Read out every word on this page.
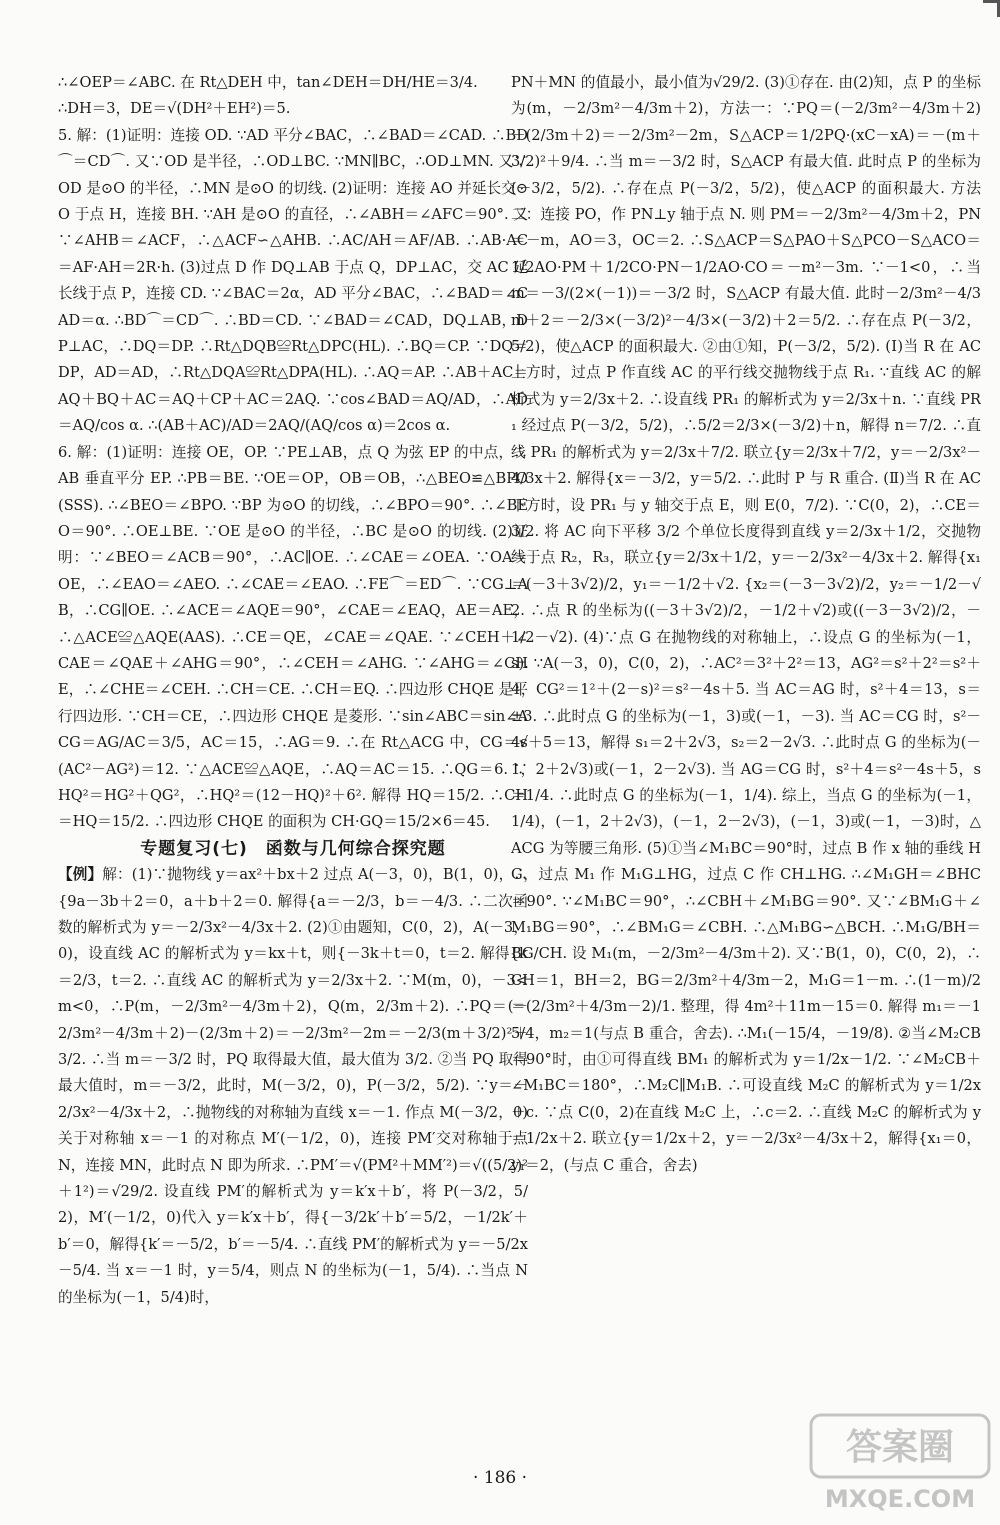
∴∠OEP＝∠ABC. 在 Rt△DEH 中，tan∠DEH＝DH/HE＝3/4.

∴DH＝3，DE＝√(DH²＋EH²)＝5.

5. 解：(1)证明：连接 OD. ∵AD 平分∠BAC，∴∠BAD＝∠CAD. ∴BD⌒＝CD⌒. 又∵OD 是半径，∴OD⊥BC. ∵MN∥BC，∴OD⊥MN. 又∵OD 是⊙O 的半径，∴MN 是⊙O 的切线. (2)证明：连接 AO 并延长交⊙O 于点 H，连接 BH. ∵AH 是⊙O 的直径，∴∠ABH＝∠AFC＝90°. 又∵∠AHB＝∠ACF，∴△ACF∽△AHB. ∴AC/AH＝AF/AB. ∴AB·AC＝AF·AH＝2R·h. (3)过点 D 作 DQ⊥AB 于点 Q，DP⊥AC，交 AC 延长线于点 P，连接 CD. ∵∠BAC＝2α，AD 平分∠BAC，∴∠BAD＝∠CAD＝α. ∴BD⌒＝CD⌒. ∴BD＝CD. ∵∠BAD＝∠CAD，DQ⊥AB，DP⊥AC，∴DQ＝DP. ∴Rt△DQB≌Rt△DPC(HL). ∴BQ＝CP. ∵DQ＝DP，AD＝AD，∴Rt△DQA≌Rt△DPA(HL). ∴AQ＝AP. ∴AB＋AC＝AQ＋BQ＋AC＝AQ＋CP＋AC＝2AQ. ∵cos∠BAD＝AQ/AD，∴AD＝AQ/cos α. ∴(AB＋AC)/AD＝2AQ/(AQ/cos α)＝2cos α.

6. 解：(1)证明：连接 OE，OP. ∵PE⊥AB，点 Q 为弦 EP 的中点，∴AB 垂直平分 EP. ∴PB＝BE. ∵OE＝OP，OB＝OB，∴△BEO≌△BPO(SSS). ∴∠BEO＝∠BPO. ∵BP 为⊙O 的切线，∴∠BPO＝90°. ∴∠BEO＝90°. ∴OE⊥BE. ∵OE 是⊙O 的半径，∴BC 是⊙O 的切线. (2)证明：∵∠BEO＝∠ACB＝90°，∴AC∥OE. ∴∠CAE＝∠OEA. ∵OA＝OE，∴∠EAO＝∠AEO. ∴∠CAE＝∠EAO. ∴FE⌒＝ED⌒. ∵CG⊥AB，∴CG∥OE. ∴∠ACE＝∠AQE＝90°，∠CAE＝∠EAQ，AE＝AE，∴△ACE≌△AQE(AAS). ∴CE＝QE，∠CAE＝∠QAE. ∵∠CEH＋∠CAE＝∠QAE＋∠AHG＝90°，∴∠CEH＝∠AHG. ∵∠AHG＝∠CHE，∴∠CHE＝∠CEH. ∴CH＝CE. ∴CH＝EQ. ∴四边形 CHQE 是平行四边形. ∵CH＝CE，∴四边形 CHQE 是菱形. ∵sin∠ABC＝sin∠ACG＝AG/AC＝3/5，AC＝15，∴AG＝9. ∴在 Rt△ACG 中，CG＝√(AC²－AG²)＝12. ∵△ACE≌△AQE，∴AQ＝AC＝15. ∴QG＝6. ∵HQ²＝HG²＋QG²，∴HQ²＝(12－HQ)²＋6². 解得 HQ＝15/2. ∴CH＝HQ＝15/2. ∴四边形 CHQE 的面积为 CH·GQ＝15/2×6＝45.

专题复习(七)　函数与几何综合探究题

【例】解：(1)∵抛物线 y＝ax²＋bx＋2 过点 A(－3，0)，B(1，0)，∴{9a－3b＋2＝0，a＋b＋2＝0. 解得{a＝－2/3，b＝－4/3. ∴二次函数的解析式为 y＝－2/3x²－4/3x＋2. (2)①由题知，C(0，2)，A(－3，0)，设直线 AC 的解析式为 y＝kx＋t，则{－3k＋t＝0，t＝2. 解得{k＝2/3，t＝2. ∴直线 AC 的解析式为 y＝2/3x＋2. ∵M(m，0)，－3<m<0，∴P(m，－2/3m²－4/3m＋2)，Q(m，2/3m＋2). ∴PQ＝(－2/3m²－4/3m＋2)－(2/3m＋2)＝－2/3m²－2m＝－2/3(m＋3/2)²＋3/2. ∴当 m＝－3/2 时，PQ 取得最大值，最大值为 3/2. ②当 PQ 取得最大值时，m＝－3/2，此时，M(－3/2，0)，P(－3/2，5/2). ∵y＝－2/3x²－4/3x＋2，∴抛物线的对称轴为直线 x＝－1. 作点 M(－3/2，0)关于对称轴 x＝－1 的对称点 M′(－1/2，0)，连接 PM′交对称轴于点 N，连接 MN，此时点 N 即为所求. ∴PM′＝√(PM²＋MM′²)＝√((5/2)²＋1²)＝√29/2. 设直线 PM′的解析式为 y＝k′x＋b′，将 P(－3/2，5/2)，M′(－1/2，0)代入 y＝k′x＋b′，得{－3/2k′＋b′＝5/2，－1/2k′＋b′＝0，解得{k′＝－5/2，b′＝－5/4. ∴直线 PM′的解析式为 y＝－5/2x－5/4. 当 x＝－1 时，y＝5/4，则点 N 的坐标为(－1，5/4). ∴当点 N 的坐标为(－1，5/4)时，

PN＋MN 的值最小，最小值为√29/2. (3)①存在. 由(2)知，点 P 的坐标为(m，－2/3m²－4/3m＋2)，方法一：∵PQ＝(－2/3m²－4/3m＋2)－(2/3m＋2)＝－2/3m²－2m，S△ACP＝1/2PQ·(xC－xA)＝－(m＋3/2)²＋9/4. ∴当 m＝－3/2 时，S△ACP 有最大值. 此时点 P 的坐标为(－3/2，5/2). ∴存在点 P(－3/2，5/2)，使△ACP 的面积最大. 方法二：连接 PO，作 PN⊥y 轴于点 N. 则 PM＝－2/3m²－4/3m＋2，PN＝－m，AO＝3，OC＝2. ∴S△ACP＝S△PAO＋S△PCO－S△ACO＝1/2AO·PM＋1/2CO·PN－1/2AO·CO＝－m²－3m. ∵－1<0，∴当 m＝－3/(2×(－1))＝－3/2 时，S△ACP 有最大值. 此时－2/3m²－4/3m＋2＝－2/3×(－3/2)²－4/3×(－3/2)＋2＝5/2. ∴存在点 P(－3/2，5/2)，使△ACP 的面积最大. ②由①知，P(－3/2，5/2). (Ⅰ)当 R 在 AC 上方时，过点 P 作直线 AC 的平行线交抛物线于点 R₁. ∵直线 AC 的解析式为 y＝2/3x＋2. ∴设直线 PR₁ 的解析式为 y＝2/3x＋n. ∵直线 PR₁ 经过点 P(－3/2，5/2)，∴5/2＝2/3×(－3/2)＋n，解得 n＝7/2. ∴直线 PR₁ 的解析式为 y＝2/3x＋7/2. 联立{y＝2/3x＋7/2，y＝－2/3x²－4/3x＋2. 解得{x＝－3/2，y＝5/2. ∴此时 P 与 R 重合. (Ⅱ)当 R 在 AC 下方时，设 PR₁ 与 y 轴交于点 E，则 E(0，7/2). ∵C(0，2)，∴CE＝3/2. 将 AC 向下平移 3/2 个单位长度得到直线 y＝2/3x＋1/2，交抛物线于点 R₂，R₃，联立{y＝2/3x＋1/2，y＝－2/3x²－4/3x＋2. 解得{x₁＝(－3＋3√2)/2，y₁＝－1/2＋√2. {x₂＝(－3－3√2)/2，y₂＝－1/2－√2. ∴点 R 的坐标为((－3＋3√2)/2，－1/2＋√2)或((－3－3√2)/2，－1/2－√2). (4)∵点 G 在抛物线的对称轴上，∴设点 G 的坐标为(－1，s). ∵A(－3，0)，C(0，2)，∴AC²＝3²＋2²＝13，AG²＝s²＋2²＝s²＋4，CG²＝1²＋(2－s)²＝s²－4s＋5. 当 AC＝AG 时，s²＋4＝13，s＝±3. ∴此时点 G 的坐标为(－1，3)或(－1，－3). 当 AC＝CG 时，s²－4s＋5＝13，解得 s₁＝2＋2√3，s₂＝2－2√3. ∴此时点 G 的坐标为(－1，2＋2√3)或(－1，2－2√3). 当 AG＝CG 时，s²＋4＝s²－4s＋5，s＝1/4. ∴此时点 G 的坐标为(－1，1/4). 综上，当点 G 的坐标为(－1，1/4)，(－1，2＋2√3)，(－1，2－2√3)，(－1，3)或(－1，－3)时，△ACG 为等腰三角形. (5)①当∠M₁BC＝90°时，过点 B 作 x 轴的垂线 HG，过点 M₁ 作 M₁G⊥HG，过点 C 作 CH⊥HG. ∴∠M₁GH＝∠BHC＝90°. ∵∠M₁BC＝90°，∴∠CBH＋∠M₁BG＝90°. 又∵∠BM₁G＋∠M₁BG＝90°，∴∠BM₁G＝∠CBH. ∴△M₁BG∽△BCH. ∴M₁G/BH＝BG/CH. 设 M₁(m，－2/3m²－4/3m＋2). 又∵B(1，0)，C(0，2)，∴CH＝1，BH＝2，BG＝2/3m²＋4/3m－2，M₁G＝1－m. ∴(1－m)/2＝(2/3m²＋4/3m－2)/1. 整理，得 4m²＋11m－15＝0. 解得 m₁＝－15/4，m₂＝1(与点 B 重合，舍去). ∴M₁(－15/4，－19/8). ②当∠M₂CB＝90°时，由①可得直线 BM₁ 的解析式为 y＝1/2x－1/2. ∵∠M₂CB＋∠M₁BC＝180°，∴M₂C∥M₁B. ∴可设直线 M₂C 的解析式为 y＝1/2x＋c. ∵点 C(0，2)在直线 M₂C 上，∴c＝2. ∴直线 M₂C 的解析式为 y＝1/2x＋2. 联立{y＝1/2x＋2，y＝－2/3x²－4/3x＋2，解得{x₁＝0，y₁＝2，(与点 C 重合，舍去)

· 186 ·
答案圈
MXQE.COM
